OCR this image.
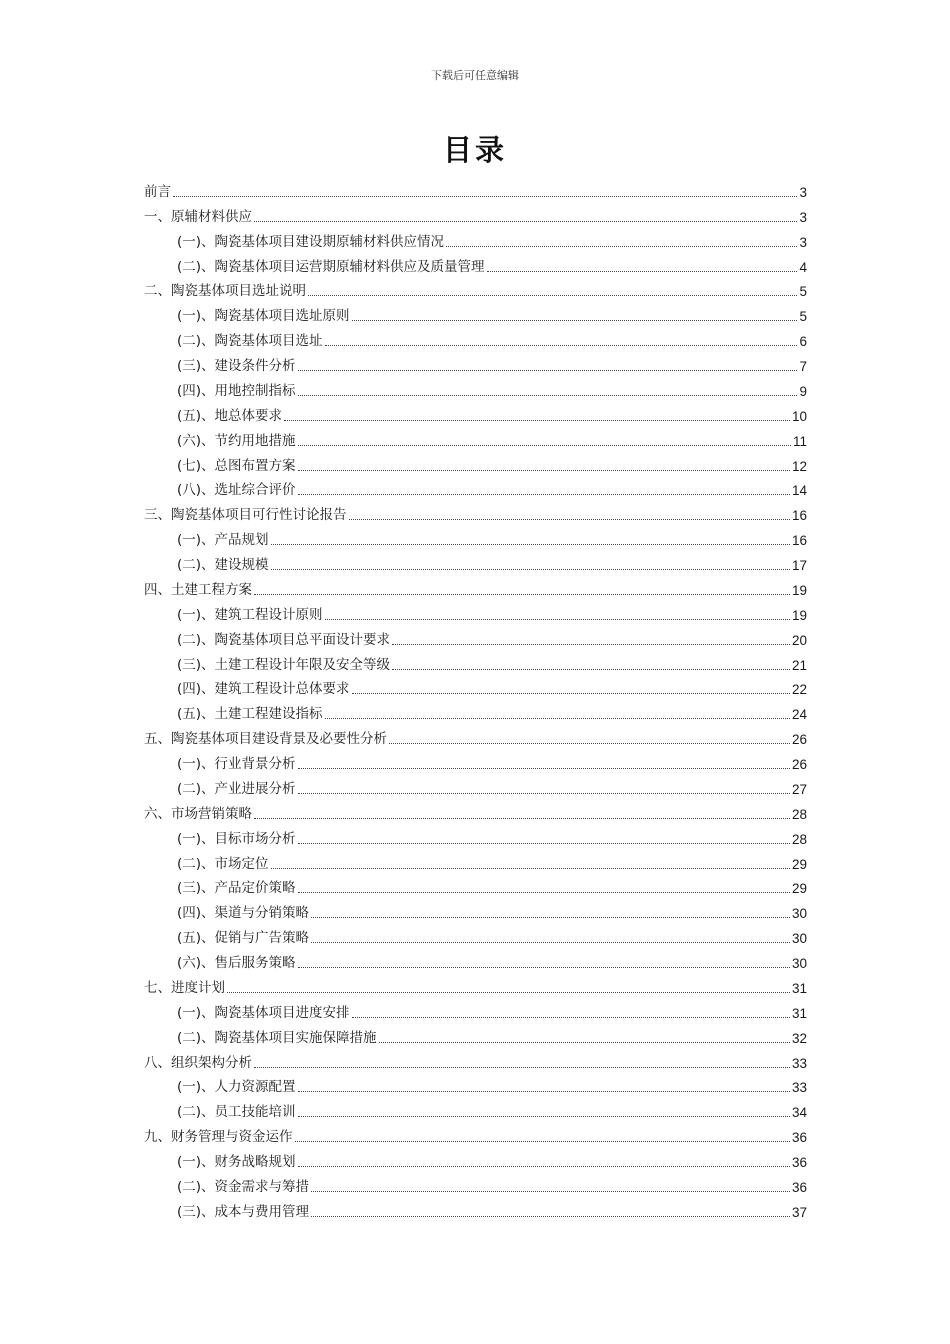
下载后可任意编辑
目录
前言	3
一、原辅材料供应	3
(一)、陶瓷基体项目建设期原辅材料供应情况	3
(二)、陶瓷基体项目运营期原辅材料供应及质量管理	4
二、陶瓷基体项目选址说明	5
(一)、陶瓷基体项目选址原则	5
(二)、陶瓷基体项目选址	6
(三)、建设条件分析	7
(四)、用地控制指标	9
(五)、地总体要求	10
(六)、节约用地措施	11
(七)、总图布置方案	12
(八)、选址综合评价	14
三、陶瓷基体项目可行性讨论报告	16
(一)、产品规划	16
(二)、建设规模	17
四、土建工程方案	19
(一)、建筑工程设计原则	19
(二)、陶瓷基体项目总平面设计要求	20
(三)、土建工程设计年限及安全等级	21
(四)、建筑工程设计总体要求	22
(五)、土建工程建设指标	24
五、陶瓷基体项目建设背景及必要性分析	26
(一)、行业背景分析	26
(二)、产业进展分析	27
六、市场营销策略	28
(一)、目标市场分析	28
(二)、市场定位	29
(三)、产品定价策略	29
(四)、渠道与分销策略	30
(五)、促销与广告策略	30
(六)、售后服务策略	30
七、进度计划	31
(一)、陶瓷基体项目进度安排	31
(二)、陶瓷基体项目实施保障措施	32
八、组织架构分析	33
(一)、人力资源配置	33
(二)、员工技能培训	34
九、财务管理与资金运作	36
(一)、财务战略规划	36
(二)、资金需求与筹措	36
(三)、成本与费用管理	37
